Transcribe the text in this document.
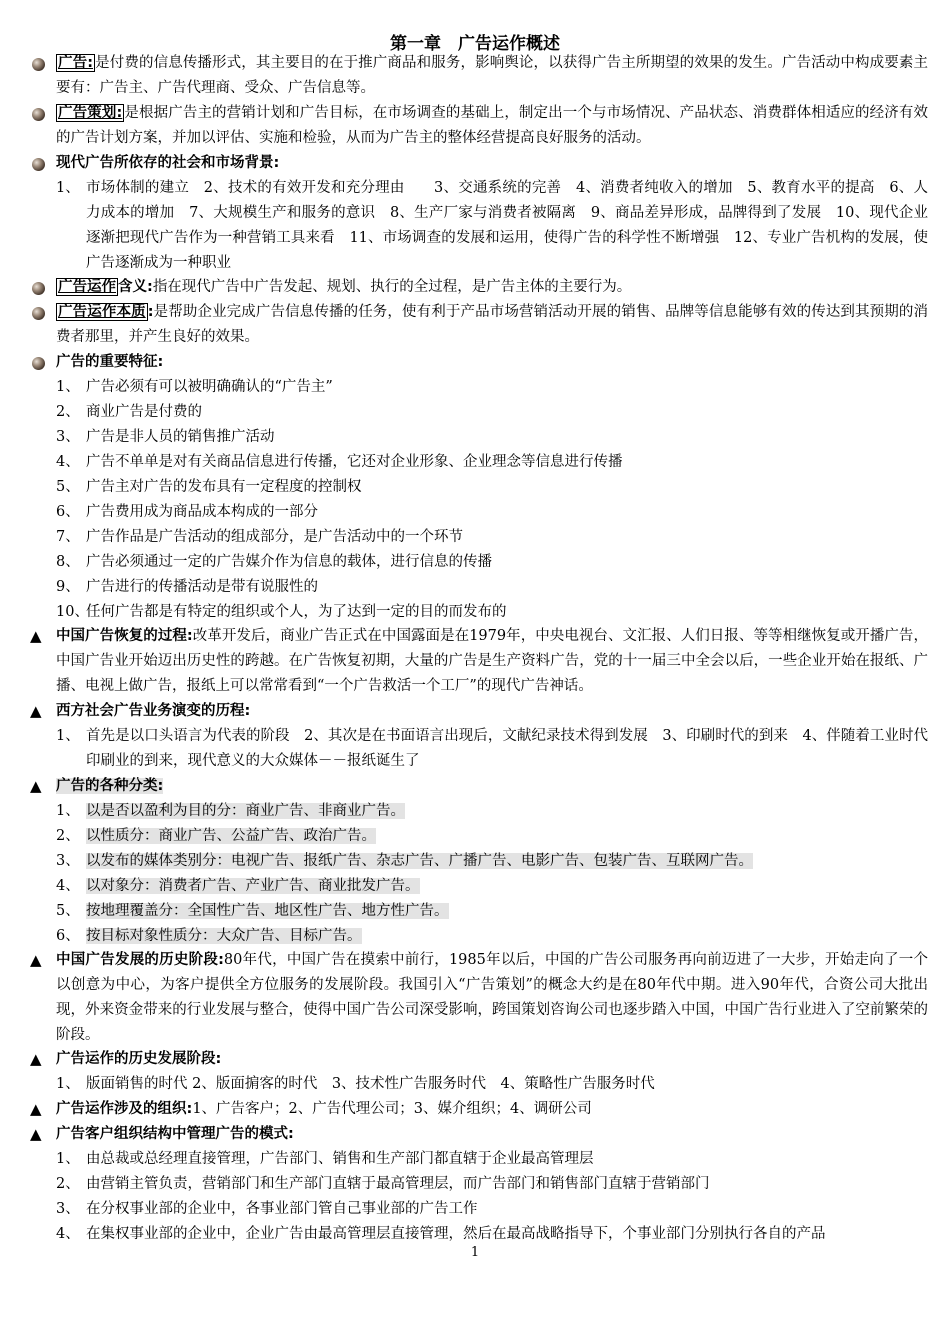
第一章　广告运作概述
广告: 是付费的信息传播形式，其主要目的在于推广商品和服务，影响舆论，以获得广告主所期望的效果的发生。广告活动中构成要素主要有：广告主、广告代理商、受众、广告信息等。
广告策划: 是根据广告主的营销计划和广告目标，在市场调查的基础上，制定出一个与市场情况、产品状态、消费群体相适应的经济有效的广告计划方案，并加以评估、实施和检验，从而为广告主的整体经营提高良好服务的活动。
现代广告所依存的社会和市场背景:
1、 市场体制的建立　2、技术的有效开发和充分理由　　3、交通系统的完善　4、消费者纯收入的增加　5、教育水平的提高　6、人力成本的增加　7、大规模生产和服务的意识　8、生产厂家与消费者被隔离　9、商品差异形成，品牌得到了发展　10、现代企业逐渐把现代广告作为一种营销工具来看　11、市场调查的发展和运用，使得广告的科学性不断增强　12、专业广告机构的发展，使广告逐渐成为一种职业
广告运作 含义:指在现代广告中广告发起、规划、执行的全过程，是广告主体的主要行为。
广告运作本质 :是帮助企业完成广告信息传播的任务，使有利于产品市场营销活动开展的销售、品牌等信息能够有效的传达到其预期的消费者那里，并产生良好的效果。
广告的重要特征:
1、 广告必须有可以被明确确认的“广告主”
2、 商业广告是付费的
3、 广告是非人员的销售推广活动
4、 广告不单单是对有关商品信息进行传播，它还对企业形象、企业理念等信息进行传播
5、 广告主对广告的发布具有一定程度的控制权
6、 广告费用成为商品成本构成的一部分
7、 广告作品是广告活动的组成部分，是广告活动中的一个环节
8、 广告必须通过一定的广告媒介作为信息的载体，进行信息的传播
9、 广告进行的传播活动是带有说服性的
10、
任何广告都是有特定的组织或个人，为了达到一定的目的而发布的
▲ 中国广告恢复的过程:改革开发后，商业广告正式在中国露面是在1979年，中央电视台、文汇报、人们日报、等等相继恢复或开播广告，中国广告业开始迈出历史性的跨越。在广告恢复初期，大量的广告是生产资料广告，党的十一届三中全会以后，一些企业开始在报纸、广播、电视上做广告，报纸上可以常常看到“一个广告救活一个工厂”的现代广告神话。
▲ 西方社会广告业务演变的历程:
1、 首先是以口头语言为代表的阶段　2、其次是在书面语言出现后，文献纪录技术得到发展　3、印刷时代的到来　4、伴随着工业时代印刷业的到来，现代意义的大众媒体－－报纸诞生了
▲ 广告的各种分类:
1、 以是否以盈利为目的分：商业广告、非商业广告。
2、 以性质分：商业广告、公益广告、政治广告。
3、 以发布的媒体类别分：电视广告、报纸广告、杂志广告、广播广告、电影广告、包装广告、互联网广告。
4、 以对象分：消费者广告、产业广告、商业批发广告。
5、 按地理覆盖分：全国性广告、地区性广告、地方性广告。
6、 按目标对象性质分：大众广告、目标广告。
▲ 中国广告发展的历史阶段:80年代，中国广告在摸索中前行，1985年以后，中国的广告公司服务再向前迈进了一大步，开始走向了一个以创意为中心，为客户提供全方位服务的发展阶段。我国引入“广告策划”的概念大约是在80年代中期。进入90年代，合资公司大批出现，外来资金带来的行业发展与整合，使得中国广告公司深受影响，跨国策划咨询公司也逐步踏入中国，中国广告行业进入了空前繁荣的阶段。
▲ 广告运作的历史发展阶段:
1、 版面销售的时代 2、版面掮客的时代　3、技术性广告服务时代　4、策略性广告服务时代
▲ 广告运作涉及的组织:1、广告客户；2、广告代理公司；3、媒介组织；4、调研公司
▲ 广告客户组织结构中管理广告的模式:
1、 由总裁或总经理直接管理，广告部门、销售和生产部门都直辖于企业最高管理层
2、 由营销主管负责，营销部门和生产部门直辖于最高管理层，而广告部门和销售部门直辖于营销部门
3、 在分权事业部的企业中，各事业部门管自己事业部的广告工作
4、 在集权事业部的企业中，企业广告由最高管理层直接管理，然后在最高战略指导下，个事业部门分别执行各自的产品
1
